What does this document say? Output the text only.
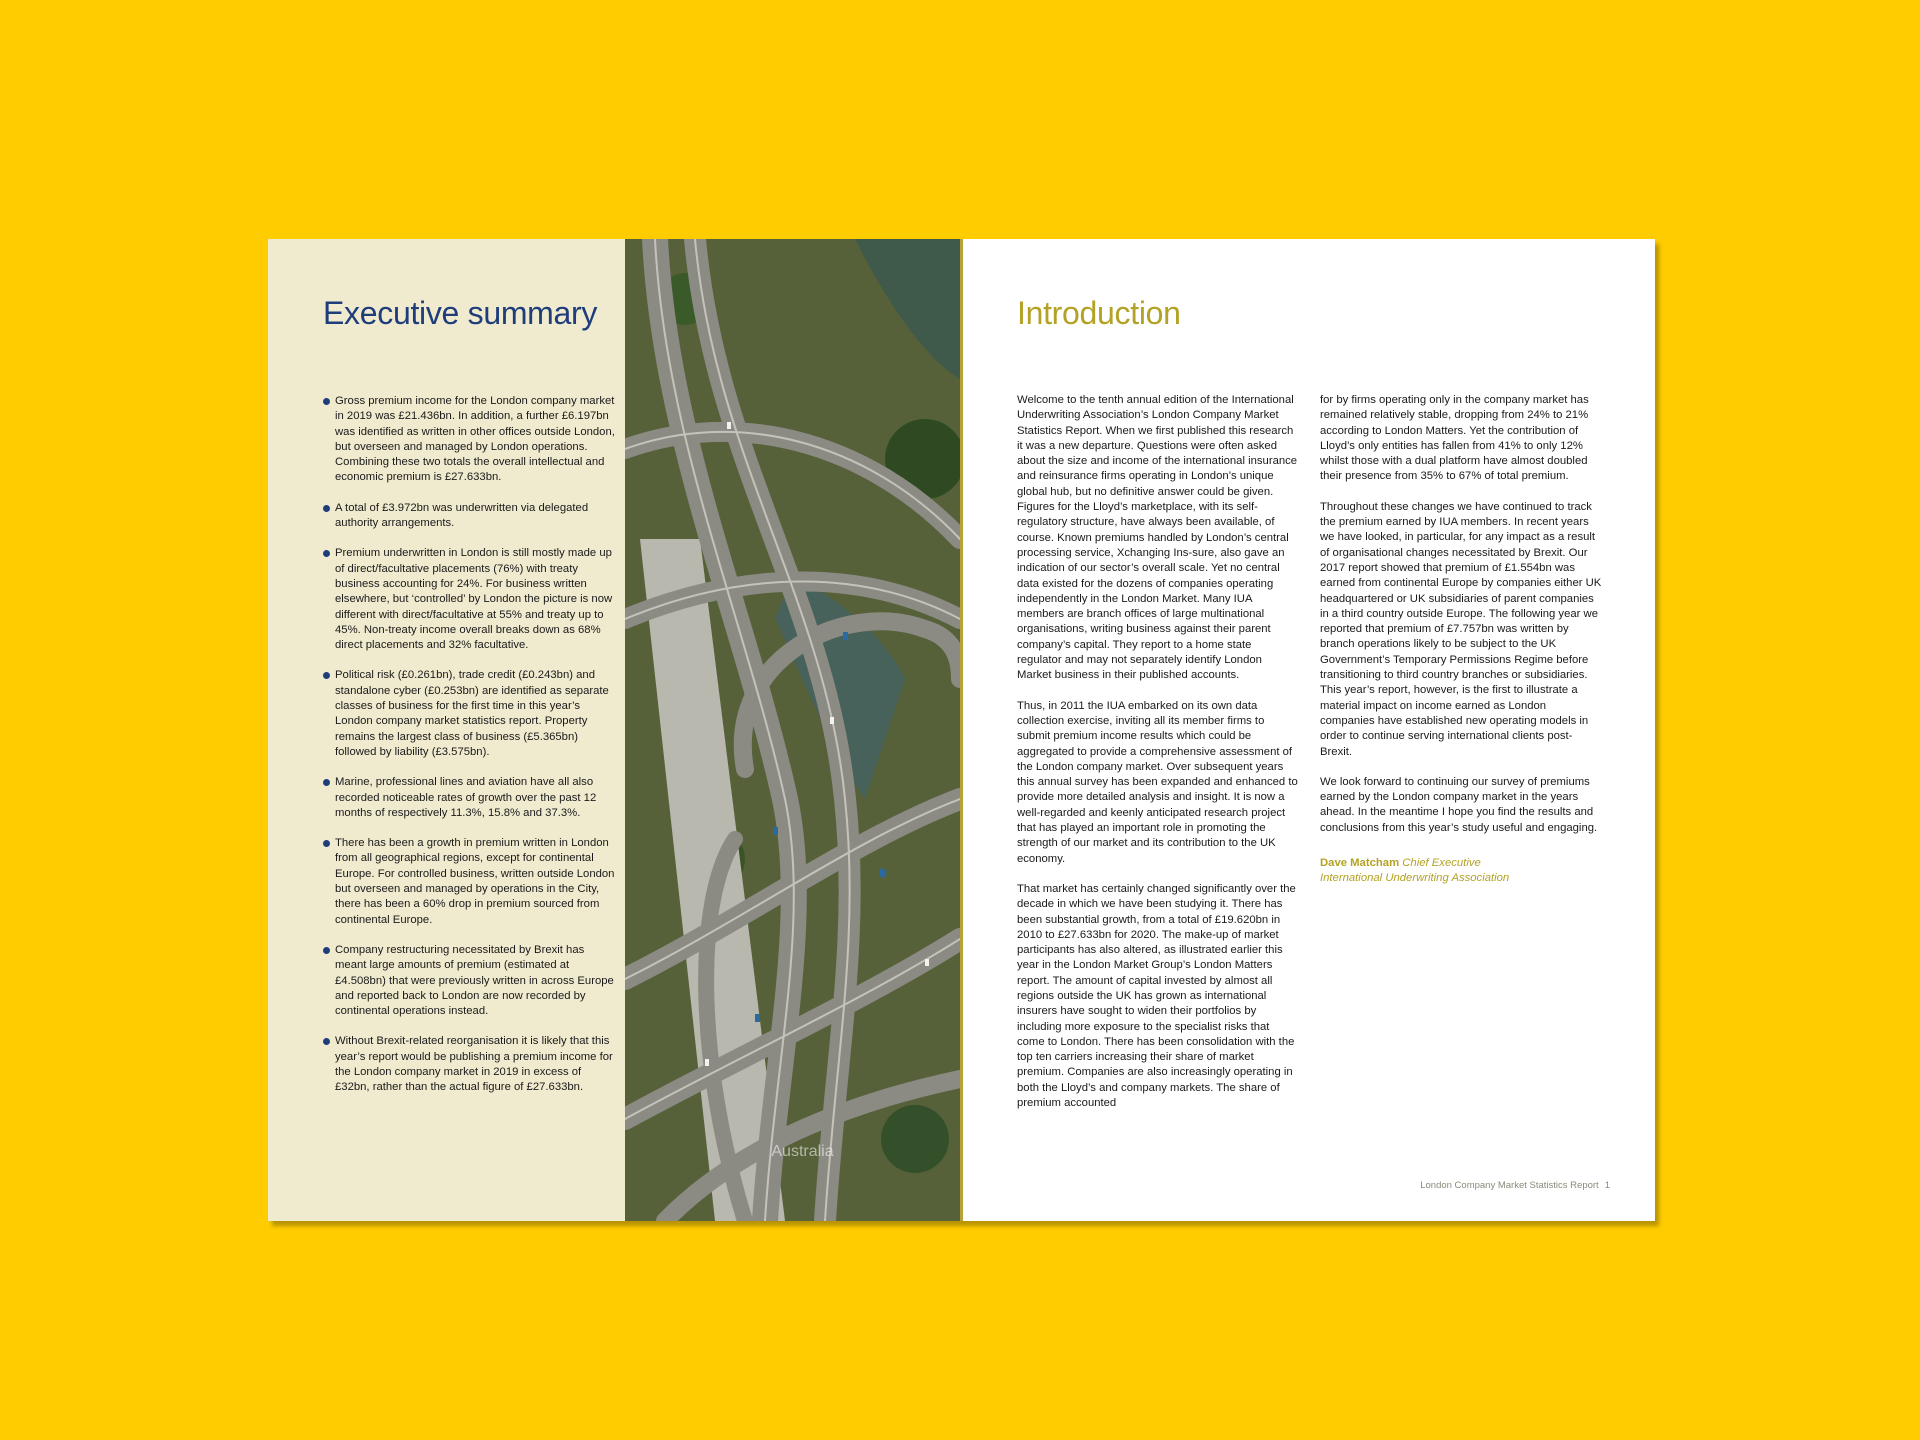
Executive summary
Gross premium income for the London company market in 2019 was £21.436bn. In addition, a further £6.197bn was identified as written in other offices outside London, but overseen and managed by London operations. Combining these two totals the overall intellectual and economic premium is £27.633bn.
A total of £3.972bn was underwritten via delegated authority arrangements.
Premium underwritten in London is still mostly made up of direct/facultative placements (76%) with treaty business accounting for 24%. For business written elsewhere, but ‘controlled’ by London the picture is now different with direct/facultative at 55% and treaty up to 45%. Non-treaty income overall breaks down as 68% direct placements and 32% facultative.
Political risk (£0.261bn), trade credit (£0.243bn) and standalone cyber (£0.253bn) are identified as separate classes of business for the first time in this year’s London company market statistics report. Property remains the largest class of business (£5.365bn) followed by liability (£3.575bn).
Marine, professional lines and aviation have all also recorded noticeable rates of growth over the past 12 months of respectively 11.3%, 15.8% and 37.3%.
There has been a growth in premium written in London from all geographical regions, except for continental Europe. For controlled business, written outside London but overseen and managed by operations in the City, there has been a 60% drop in premium sourced from continental Europe.
Company restructuring necessitated by Brexit has meant large amounts of premium (estimated at £4.508bn) that were previously written in across Europe and reported back to London are now recorded by continental operations instead.
Without Brexit-related reorganisation it is likely that this year’s report would be publishing a premium income for the London company market in 2019 in excess of £32bn, rather than the actual figure of £27.633bn.
Australia
Introduction

Welcome to the tenth annual edition of the International Underwriting Association’s London Company Market Statistics Report. When we first published this research it was a new departure. Questions were often asked about the size and income of the international insurance and reinsurance firms operating in London’s unique global hub, but no definitive answer could be given. Figures for the Lloyd’s marketplace, with its self-regulatory structure, have always been available, of course. Known premiums handled by London’s central processing service, Xchanging Ins-sure, also gave an indication of our sector’s overall scale. Yet no central data existed for the dozens of companies operating independently in the London Market. Many IUA members are branch offices of large multinational organisations, writing business against their parent company’s capital. They report to a home state regulator and may not separately identify London Market business in their published accounts.

Thus, in 2011 the IUA embarked on its own data collection exercise, inviting all its member firms to submit premium income results which could be aggregated to provide a comprehensive assessment of the London company market. Over subsequent years this annual survey has been expanded and enhanced to provide more detailed analysis and insight. It is now a well-regarded and keenly anticipated research project that has played an important role in promoting the strength of our market and its contribution to the UK economy.

That market has certainly changed significantly over the decade in which we have been studying it. There has been substantial growth, from a total of £19.620bn in 2010 to £27.633bn for 2020. The make-up of market participants has also altered, as illustrated earlier this year in the London Market Group’s London Matters report. The amount of capital invested by almost all regions outside the UK has grown as international insurers have sought to widen their portfolios by including more exposure to the specialist risks that come to London. There has been consolidation with the top ten carriers increasing their share of market premium. Companies are also increasingly operating in both the Lloyd’s and company markets. The share of premium accounted

for by firms operating only in the company market has remained relatively stable, dropping from 24% to 21% according to London Matters. Yet the contribution of Lloyd’s only entities has fallen from 41% to only 12% whilst those with a dual platform have almost doubled their presence from 35% to 67% of total premium.

Throughout these changes we have continued to track the premium earned by IUA members. In recent years we have looked, in particular, for any impact as a result of organisational changes necessitated by Brexit. Our 2017 report showed that premium of £1.554bn was earned from continental Europe by companies either UK headquartered or UK subsidiaries of parent companies in a third country outside Europe. The following year we reported that premium of £7.757bn was written by branch operations likely to be subject to the UK Government’s Temporary Permissions Regime before transitioning to third country branches or subsidiaries. This year’s report, however, is the first to illustrate a material impact on income earned as London companies have established new operating models in order to continue serving international clients post-Brexit.

We look forward to continuing our survey of premiums earned by the London company market in the years ahead. In the meantime I hope you find the results and conclusions from this year’s study useful and engaging.

Dave Matcham Chief Executive
International Underwriting Association
London Company Market Statistics Report 1
